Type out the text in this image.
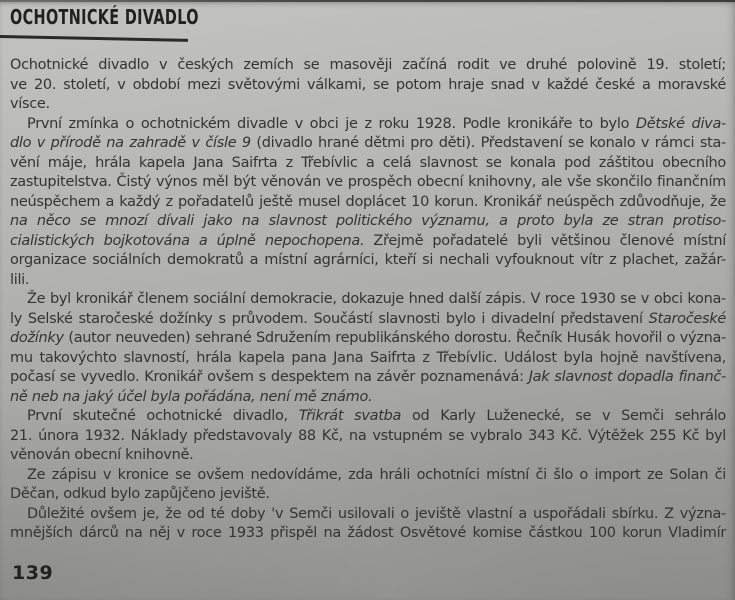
OCHOTNICKÉ DIVADLO
Ochotnické divadlo v českých zemích se masověji začíná rodit ve druhé polovině 19. století;
ve 20. století, v období mezi světovými válkami, se potom hraje snad v každé české a moravské
vísce.
První zmínka o ochotnickém divadle v obci je z roku 1928. Podle kronikáře to bylo Dětské diva-
dlo v přírodě na zahradě v čísle 9 (divadlo hrané dětmi pro děti). Představení se konalo v rámci sta-
vění máje, hrála kapela Jana Saifrta z Třebívlic a celá slavnost se konala pod záštitou obecního
zastupitelstva. Čistý výnos měl být věnován ve prospěch obecní knihovny, ale vše skončilo finančním
neúspěchem a každý z pořadatelů ještě musel doplácet 10 korun. Kronikář neúspěch zdůvodňuje, že
na něco se mnozí dívali jako na slavnost politického významu, a proto byla ze stran protiso-
cialistických bojkotována a úplně nepochopena. Zřejmě pořadatelé byli většinou členové místní
organizace sociálních demokratů a místní agrárníci, kteří si nechali vyfouknout vítr z plachet, zažár-
lili.
Že byl kronikář členem sociální demokracie, dokazuje hned další zápis. V roce 1930 se v obci kona-
ly Selské staročeské dožínky s průvodem. Součástí slavnosti bylo i divadelní představení Staročeské
dožínky (autor neuveden) sehrané Sdružením republikánského dorostu. Řečník Husák hovořil o význa-
mu takovýchto slavností, hrála kapela pana Jana Saifrta z Třebívlic. Událost byla hojně navštívena,
počasí se vyvedlo. Kronikář ovšem s despektem na závěr poznamenává: Jak slavnost dopadla finanč-
ně neb na jaký účel byla pořádána, není mě známo.
První skutečné ochotnické divadlo, Třikrát svatba od Karly Luženecké, se v Semči sehrálo
21. února 1932. Náklady představovaly 88 Kč, na vstupném se vybralo 343 Kč. Výtěžek 255 Kč byl
věnován obecní knihovně.
Ze zápisu v kronice se ovšem nedovídáme, zda hráli ochotníci místní či šlo o import ze Solan či
Děčan, odkud bylo zapůjčeno jeviště.
Důležité ovšem je, že od té doby 'v Semči usilovali o jeviště vlastní a uspořádali sbírku. Z význa-
mnějších dárců na něj v roce 1933 přispěl na žádost Osvětové komise částkou 100 korun Vladimír
139
